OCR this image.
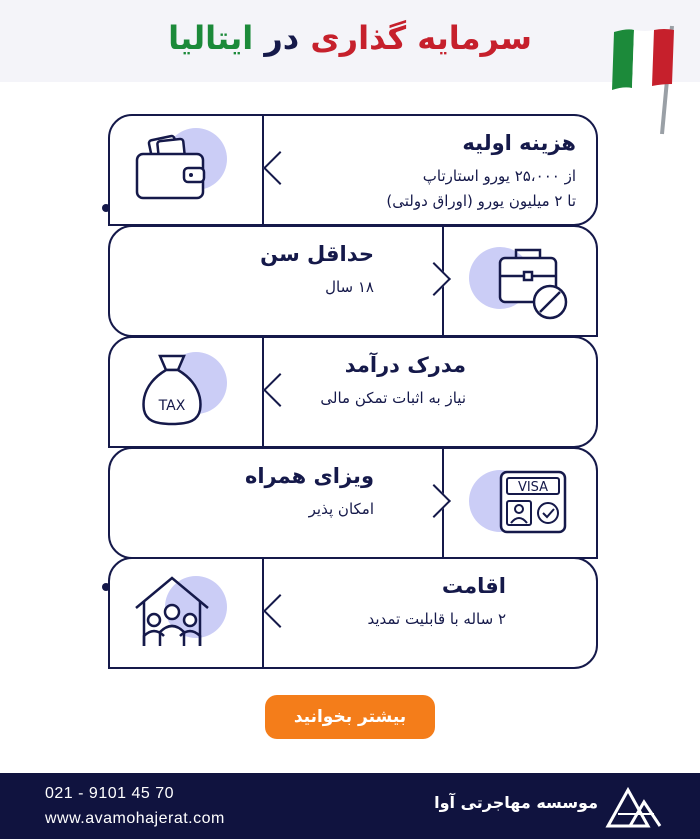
سرمایه گذاری در ایتالیا
هزینه اولیه
از ۲۵،۰۰۰ یورو استارتاپ
تا ۲ میلیون یورو (اوراق دولتی)
حداقل سن
۱۸ سال
مدرک درآمد
نیاز به اثبات تمکن مالی
TAX
ویزای همراه
امکان پذیر
VISA
اقامت
۲ ساله با قابلیت تمدید
بیشتر بخوانید
021 - 9101 45 70
www.avamohajerat.com
موسسه مهاجرتی آوا
